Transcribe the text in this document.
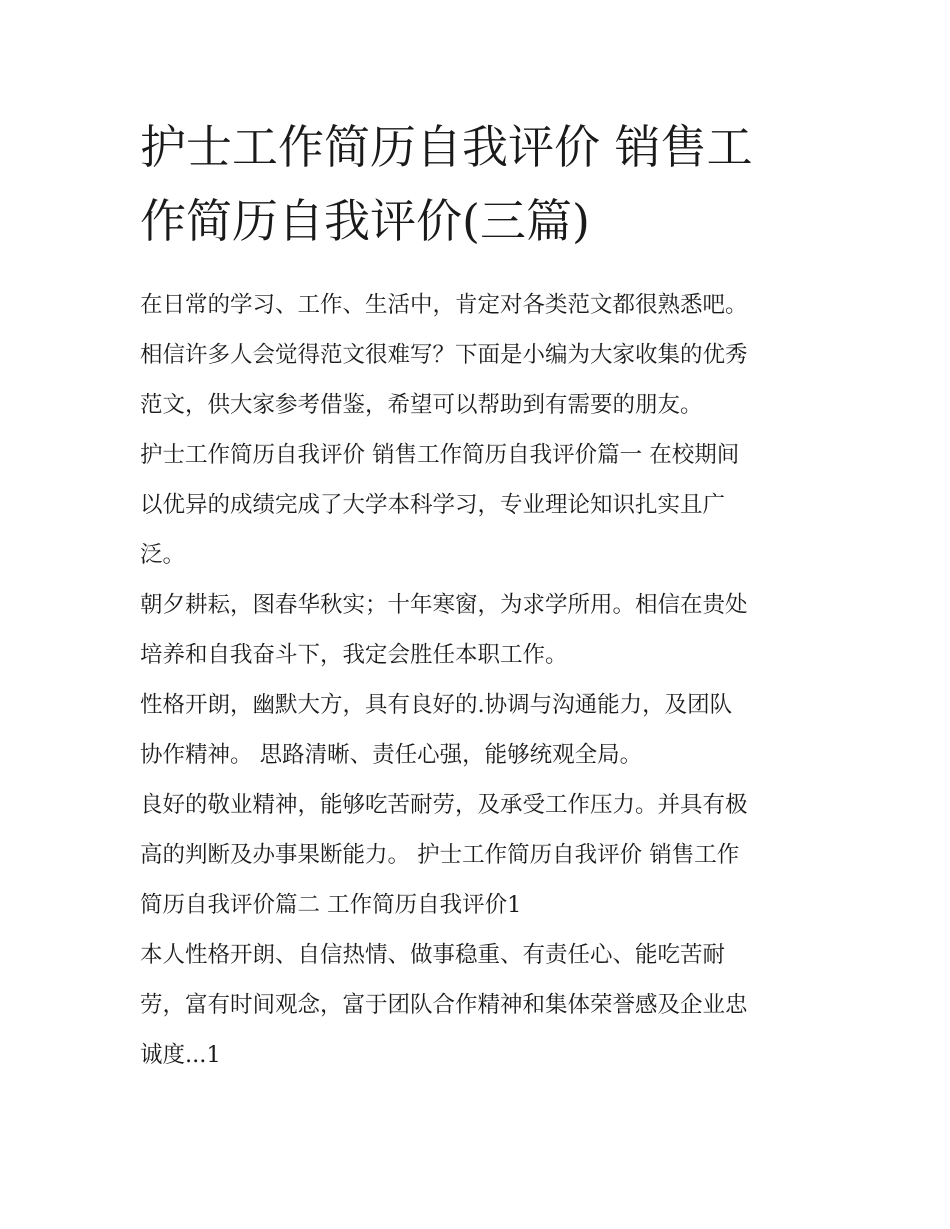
护士工作简历自我评价 销售工
作简历自我评价(三篇)

在日常的学习、工作、生活中，肯定对各类范文都很熟悉吧。
相信许多人会觉得范文很难写？下面是小编为大家收集的优秀
范文，供大家参考借鉴，希望可以帮助到有需要的朋友。

护士工作简历自我评价 销售工作简历自我评价篇一 在校期间
以优异的成绩完成了大学本科学习，专业理论知识扎实且广
泛。

朝夕耕耘，图春华秋实；十年寒窗，为求学所用。相信在贵处
培养和自我奋斗下，我定会胜任本职工作。

性格开朗，幽默大方，具有良好的.协调与沟通能力，及团队
协作精神。 思路清晰、责任心强，能够统观全局。

良好的敬业精神，能够吃苦耐劳，及承受工作压力。并具有极
高的判断及办事果断能力。 护士工作简历自我评价 销售工作
简历自我评价篇二 工作简历自我评价1

本人性格开朗、自信热情、做事稳重、有责任心、能吃苦耐
劳，富有时间观念，富于团队合作精神和集体荣誉感及企业忠
诚度...1
